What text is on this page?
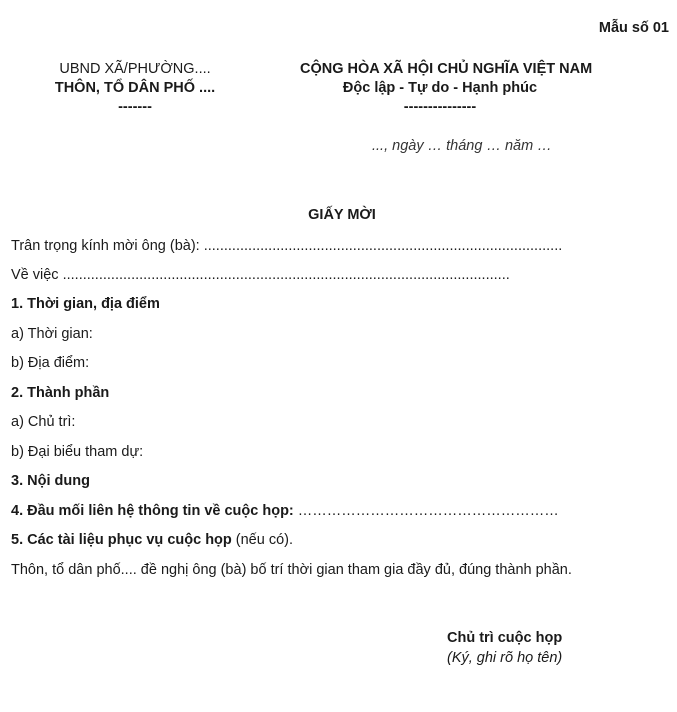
Mẫu số 01
UBND XÃ/PHƯỜNG....
THÔN, TỔ DÂN PHỐ ....
-------
CỘNG HÒA XÃ HỘI CHỦ NGHĨA VIỆT NAM
Độc lập - Tự do - Hạnh phúc
---------------
..., ngày … tháng … năm …
GIẤY MỜI
Trân trọng kính mời ông (bà): .........................................................................................
Về việc ...............................................................................................................
1. Thời gian, địa điểm
a) Thời gian:
b) Địa điểm:
2. Thành phần
a) Chủ trì:
b) Đại biểu tham dự:
3. Nội dung
4. Đầu mối liên hệ thông tin về cuộc họp: ………………………………………………
5. Các tài liệu phục vụ cuộc họp (nếu có).
Thôn, tổ dân phố.... đề nghị ông (bà) bố trí thời gian tham gia đầy đủ, đúng thành phần.
Chủ trì cuộc họp
(Ký, ghi rõ họ tên)
